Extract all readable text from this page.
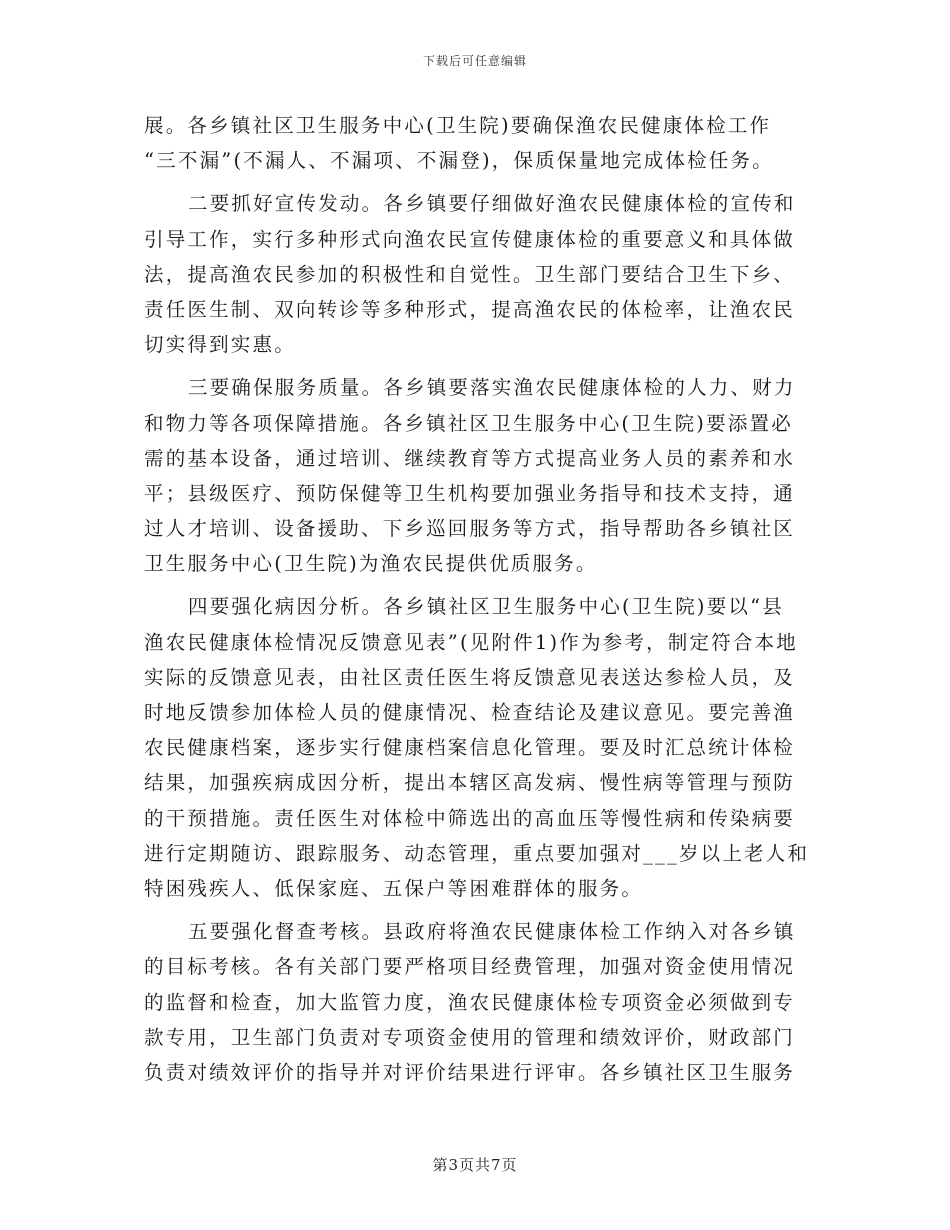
下载后可任意编辑
展。各乡镇社区卫生服务中心(卫生院)要确保渔农民健康体检工作
“三不漏”(不漏人、不漏项、不漏登)，保质保量地完成体检任务。
二要抓好宣传发动。各乡镇要仔细做好渔农民健康体检的宣传和
引导工作，实行多种形式向渔农民宣传健康体检的重要意义和具体做
法，提高渔农民参加的积极性和自觉性。卫生部门要结合卫生下乡、
责任医生制、双向转诊等多种形式，提高渔农民的体检率，让渔农民
切实得到实惠。
三要确保服务质量。各乡镇要落实渔农民健康体检的人力、财力
和物力等各项保障措施。各乡镇社区卫生服务中心(卫生院)要添置必
需的基本设备，通过培训、继续教育等方式提高业务人员的素养和水
平；县级医疗、预防保健等卫生机构要加强业务指导和技术支持，通
过人才培训、设备援助、下乡巡回服务等方式，指导帮助各乡镇社区
卫生服务中心(卫生院)为渔农民提供优质服务。
四要强化病因分析。各乡镇社区卫生服务中心(卫生院)要以“县
渔农民健康体检情况反馈意见表”(见附件1)作为参考，制定符合本地
实际的反馈意见表，由社区责任医生将反馈意见表送达参检人员，及
时地反馈参加体检人员的健康情况、检查结论及建议意见。要完善渔
农民健康档案，逐步实行健康档案信息化管理。要及时汇总统计体检
结果，加强疾病成因分析，提出本辖区高发病、慢性病等管理与预防
的干预措施。责任医生对体检中筛选出的高血压等慢性病和传染病要
进行定期随访、跟踪服务、动态管理，重点要加强对___岁以上老人和
特困残疾人、低保家庭、五保户等困难群体的服务。
五要强化督查考核。县政府将渔农民健康体检工作纳入对各乡镇
的目标考核。各有关部门要严格项目经费管理，加强对资金使用情况
的监督和检查，加大监管力度，渔农民健康体检专项资金必须做到专
款专用，卫生部门负责对专项资金使用的管理和绩效评价，财政部门
负责对绩效评价的指导并对评价结果进行评审。各乡镇社区卫生服务
第3页共7页
